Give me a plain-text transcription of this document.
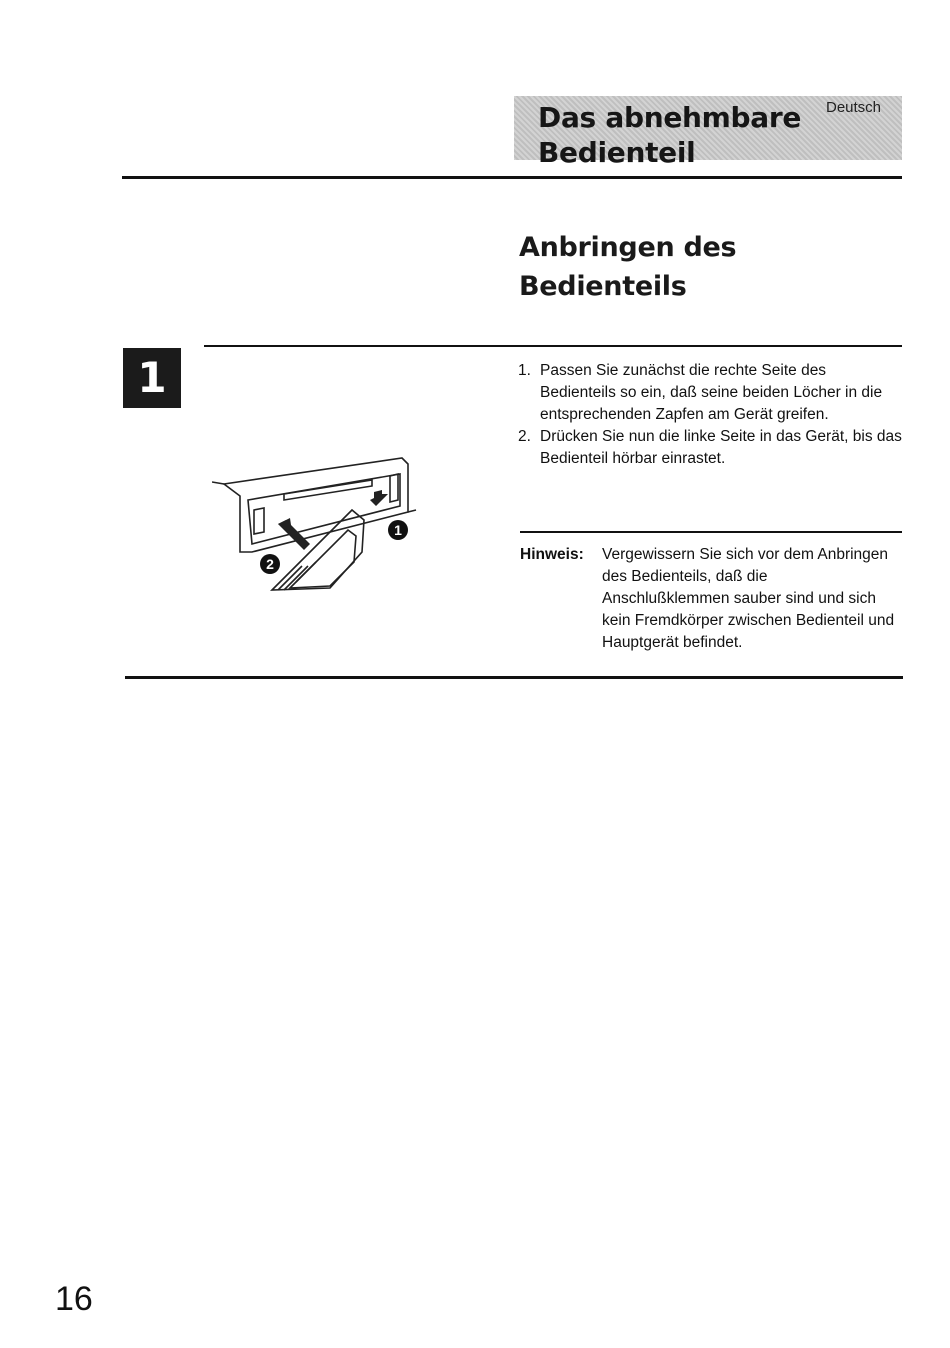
Das abnehmbare
Bedienteil
Deutsch
Anbringen des
Bedienteils
1
1
2
1. Passen Sie zunächst die rechte Seite des Bedienteils so ein, daß seine beiden Löcher in die entsprechenden Zapfen am Gerät greifen.
2. Drücken Sie nun die linke Seite in das Gerät, bis das Bedienteil hörbar einrastet.
Hinweis: Vergewissern Sie sich vor dem Anbringen des Bedienteils, daß die Anschlußklemmen sauber sind und sich kein Fremdkörper zwischen Bedienteil und Hauptgerät befindet.

16
